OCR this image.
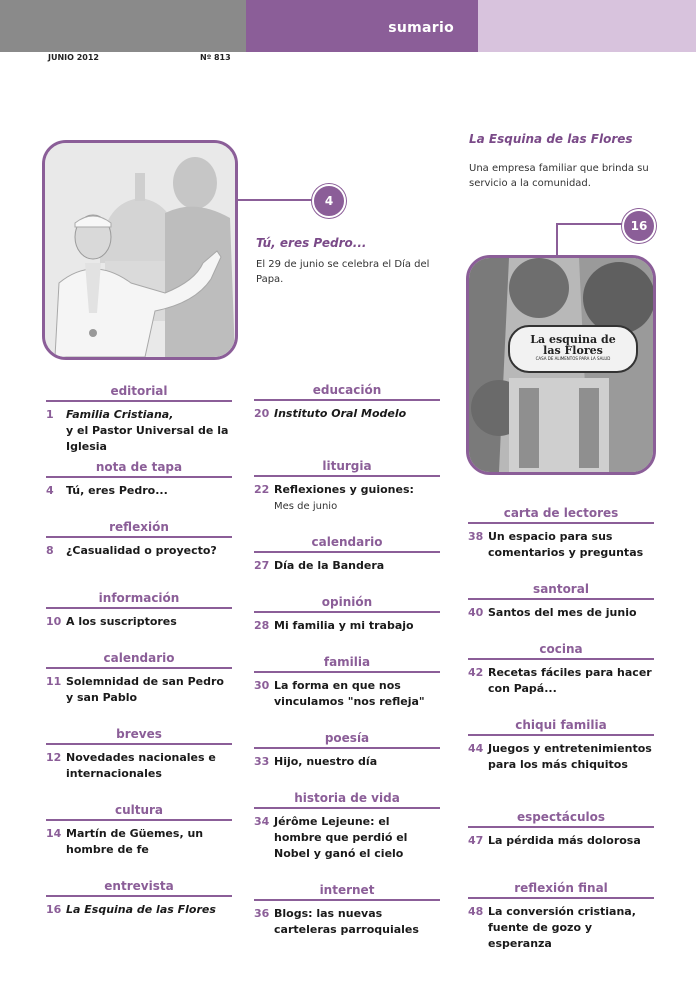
sumario
JUNIO 2012	Nº 813
4
Tú, eres Pedro...
El 29 de junio se celebra el Día del Papa.
La Esquina de las Flores
Una empresa familiar que brinda su servicio a la comunidad.
16
La esquina de
las Flores
CASA DE ALIMENTOS PARA LA SALUD
editorial
1	Familia Cristiana,
y el Pastor Universal de la Iglesia
nota de tapa
4	Tú, eres Pedro...
reflexión
8	¿Casualidad o proyecto?
información
10 A los suscriptores
calendario
11 Solemnidad de san Pedro y san Pablo
breves
12 Novedades nacionales e internacionales
cultura
14 Martín de Güemes, un hombre de fe
entrevista
16 La Esquina de las Flores
educación
20 Instituto Oral Modelo
liturgia
22 Reflexiones y guiones:
Mes de junio
calendario
27 Día de la Bandera
opinión
28 Mi familia y mi trabajo
familia
30 La forma en que nos vinculamos "nos refleja"
poesía
33 Hijo, nuestro día
historia de vida
34 Jérôme Lejeune: el hombre que perdió el Nobel y ganó el cielo
internet
36 Blogs: las nuevas carteleras parroquiales
carta de lectores
38 Un espacio para sus comentarios y preguntas
santoral
40 Santos del mes de junio
cocina
42 Recetas fáciles para hacer con Papá...
chiqui familia
44 Juegos y entretenimientos para los más chiquitos
espectáculos
47 La pérdida más dolorosa
reflexión final
48 La conversión cristiana, fuente de gozo y esperanza
